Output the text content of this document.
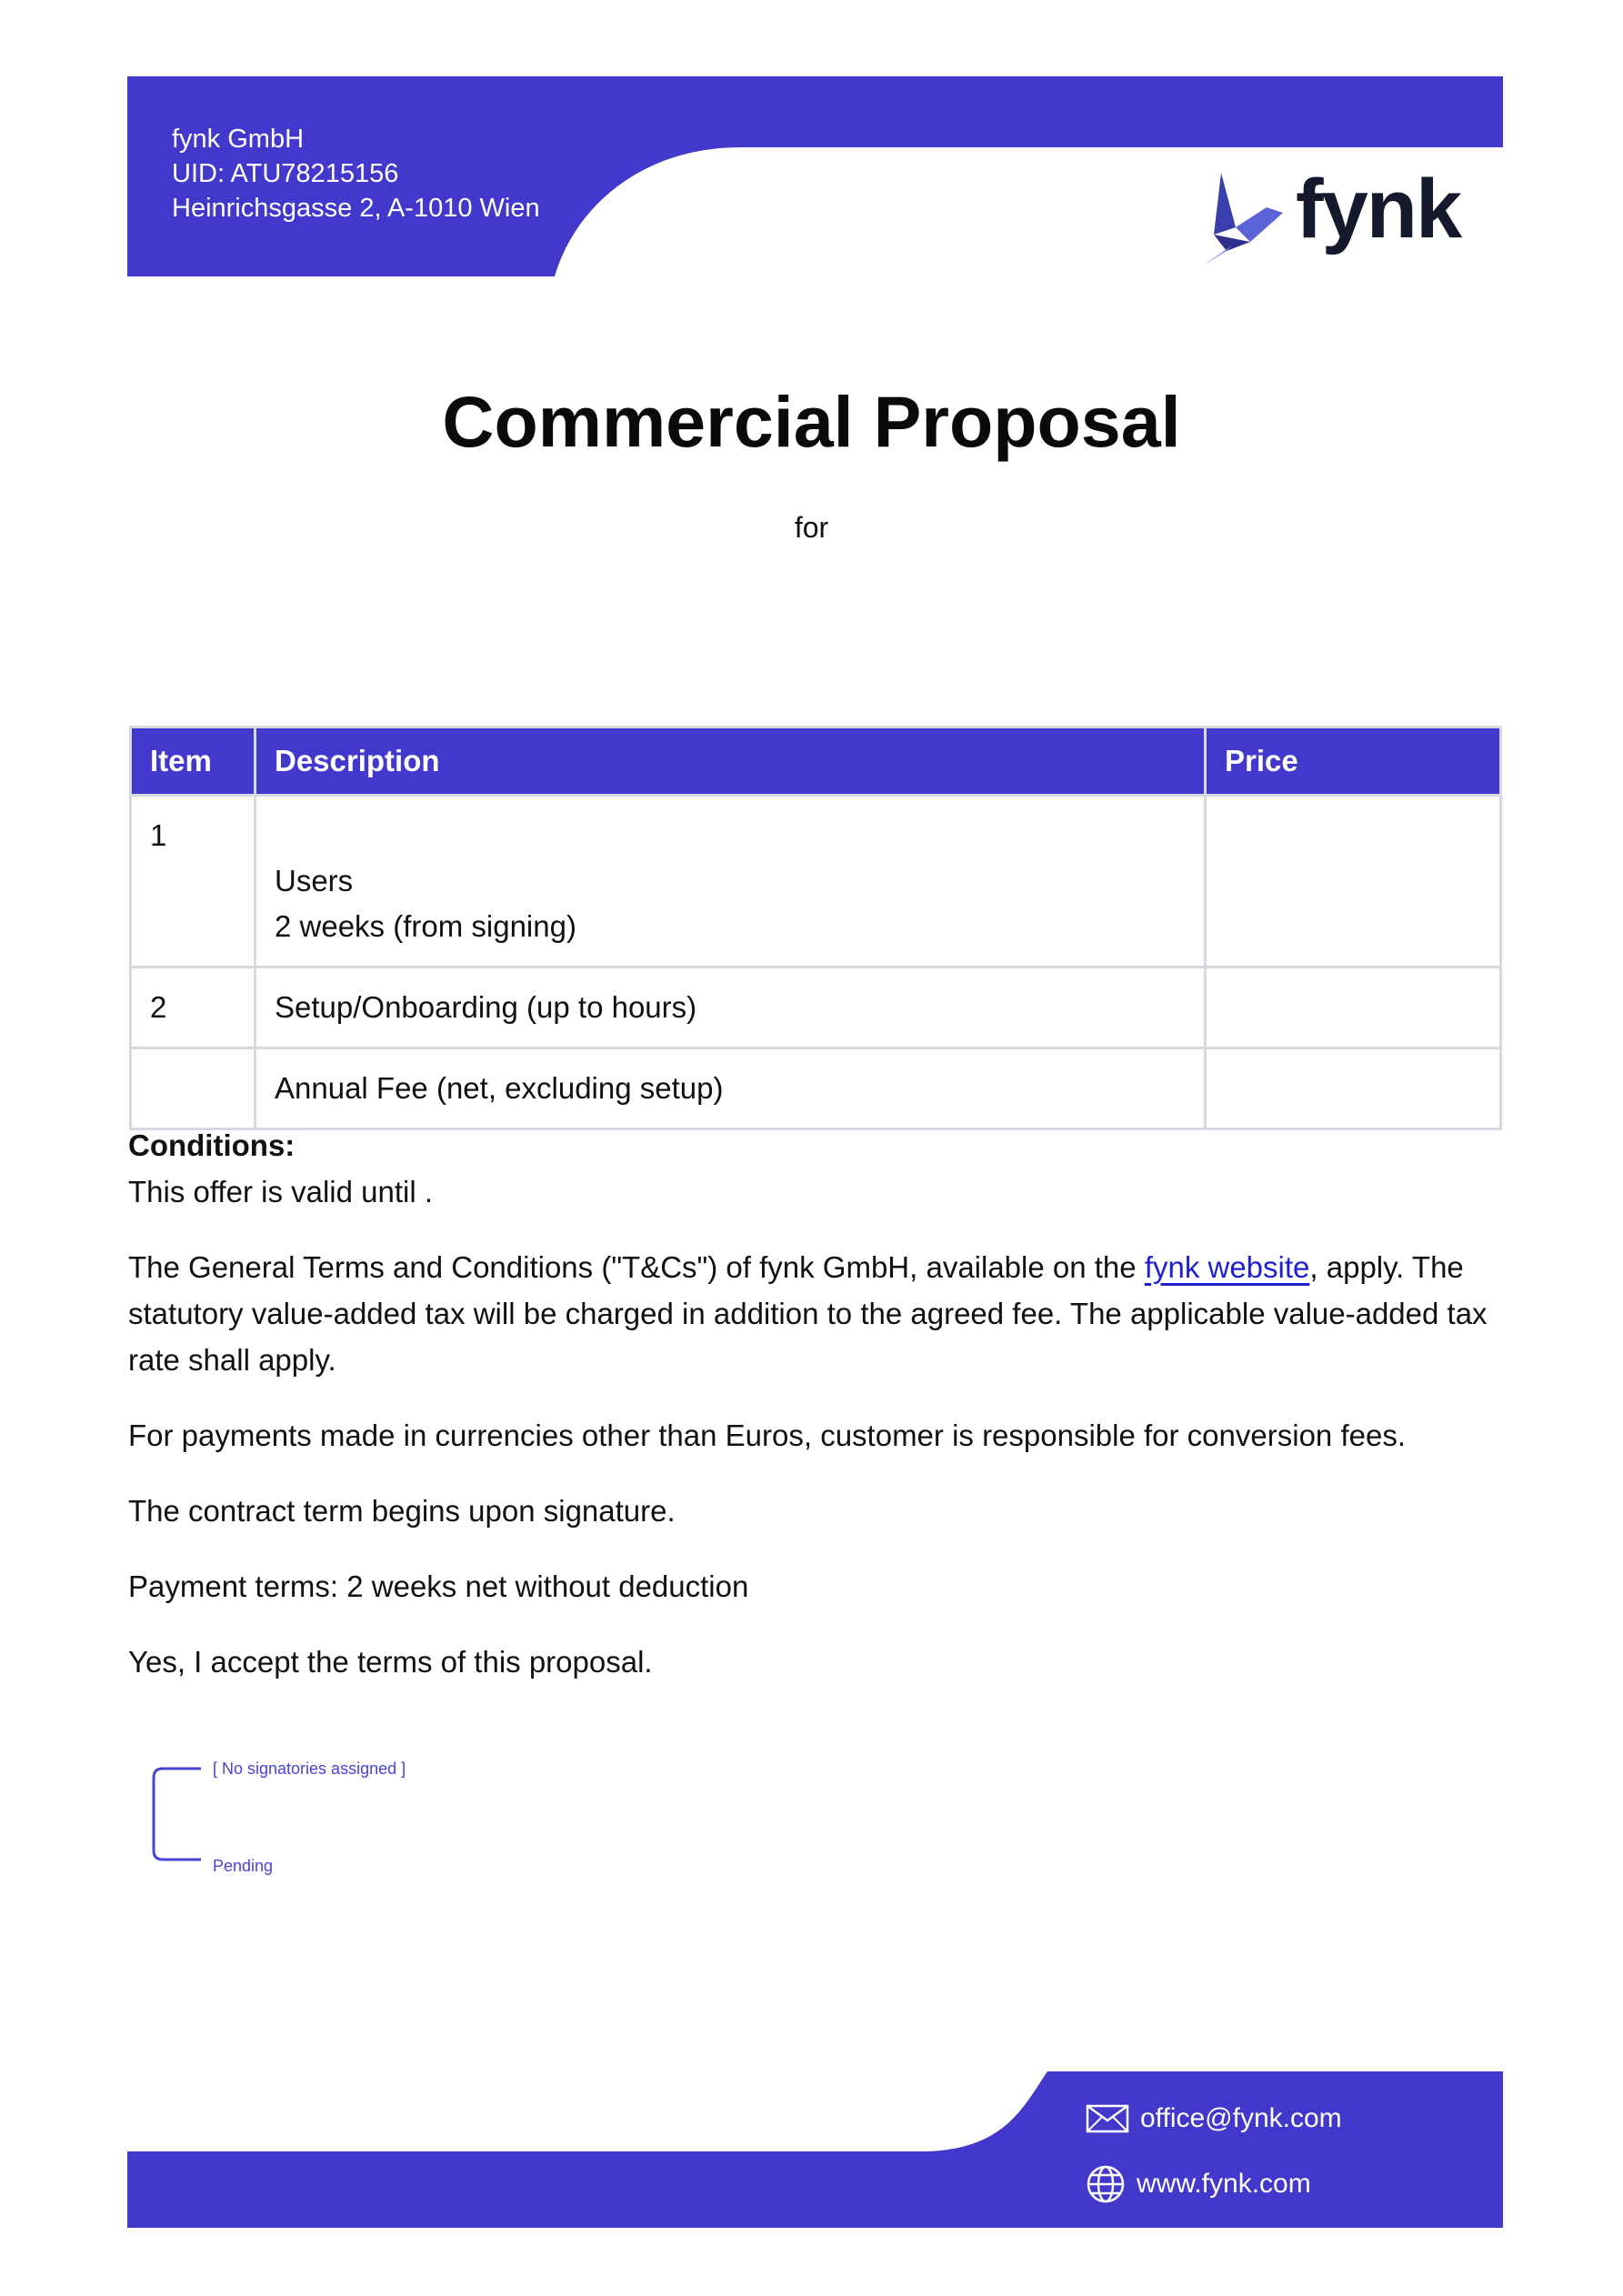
fynk GmbH
UID: ATU78215156
Heinrichsgasse 2, A-1010 Wien	fynk
Commercial Proposal
for
Item	Description	Price
1	Users
2 weeks (from signing)	

2	Setup/Onboarding (up to hours)	
	Annual Fee (net, excluding setup)	

Conditions:

This offer is valid until .

The General Terms and Conditions ("T&Cs") of fynk GmbH, available on the fynk website, apply. The statutory value-added tax will be charged in addition to the agreed fee. The applicable value-added tax rate shall apply.

For payments made in currencies other than Euros, customer is responsible for conversion fees.

The contract term begins upon signature.

Payment terms: 2 weeks net without deduction

Yes, I accept the terms of this proposal.

[ No signatories assigned ]
Pending
office@fynk.com
www.fynk.com
